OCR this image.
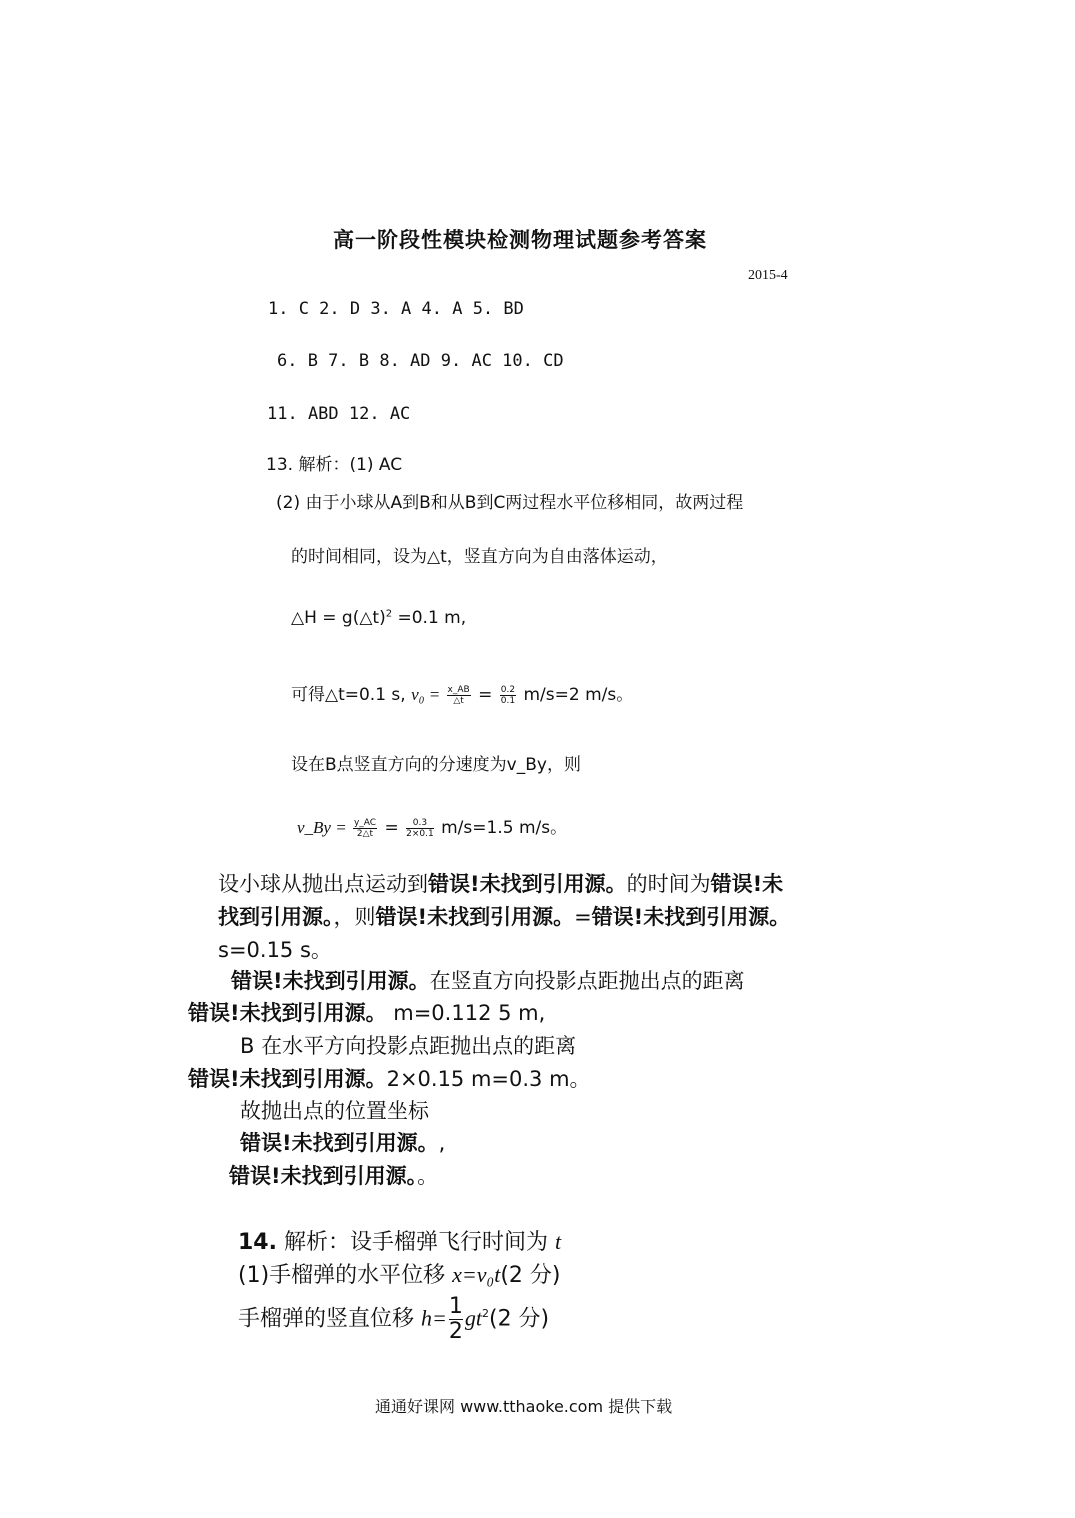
高一阶段性模块检测物理试题参考答案
2015-4
1. C 2. D 3. A 4. A 5. BD
6. B 7. B 8. AD 9. AC 10. CD
11. ABD 12. AC
13. 解析：(1) AC
(2) 由于小球从A到B和从B到C两过程水平位移相同，故两过程
的时间相同，设为△t，竖直方向为自由落体运动，
△H = g(△t)$^2$ =0.1 m,
可得△t=0.1 s, $v_0 = \frac{x\_AB}{\triangle t} = \frac{0.2}{0.1} m/s=2$ m/s。
设在B点竖直方向的分速度为v_By，则
v_By = $\frac{y\_AC}{2\triangle t} = \frac{0.3}{2\times 0.1} m/s=1.5$ m/s。
设小球从抛出点运动到错误!未找到引用源。的时间为错误!未
找到引用源。，则错误!未找到引用源。=错误!未找到引用源。
s=0.15 s。
错误!未找到引用源。在竖直方向投影点距抛出点的距离
错误!未找到引用源。 m=0.112 5 m,
B 在水平方向投影点距抛出点的距离
错误!未找到引用源。2×0.15 m=0.3 m。
故抛出点的位置坐标
错误!未找到引用源。,
错误!未找到引用源。。
14. 解析：设手榴弹飞行时间为 t
(1)手榴弹的水平位移 x=v₀t(2 分)
手榴弹的竖直位移 $h= \frac{1}{2} gt^2(2$ 分)
通通好课网 www.tthaoke.com 提供下载
